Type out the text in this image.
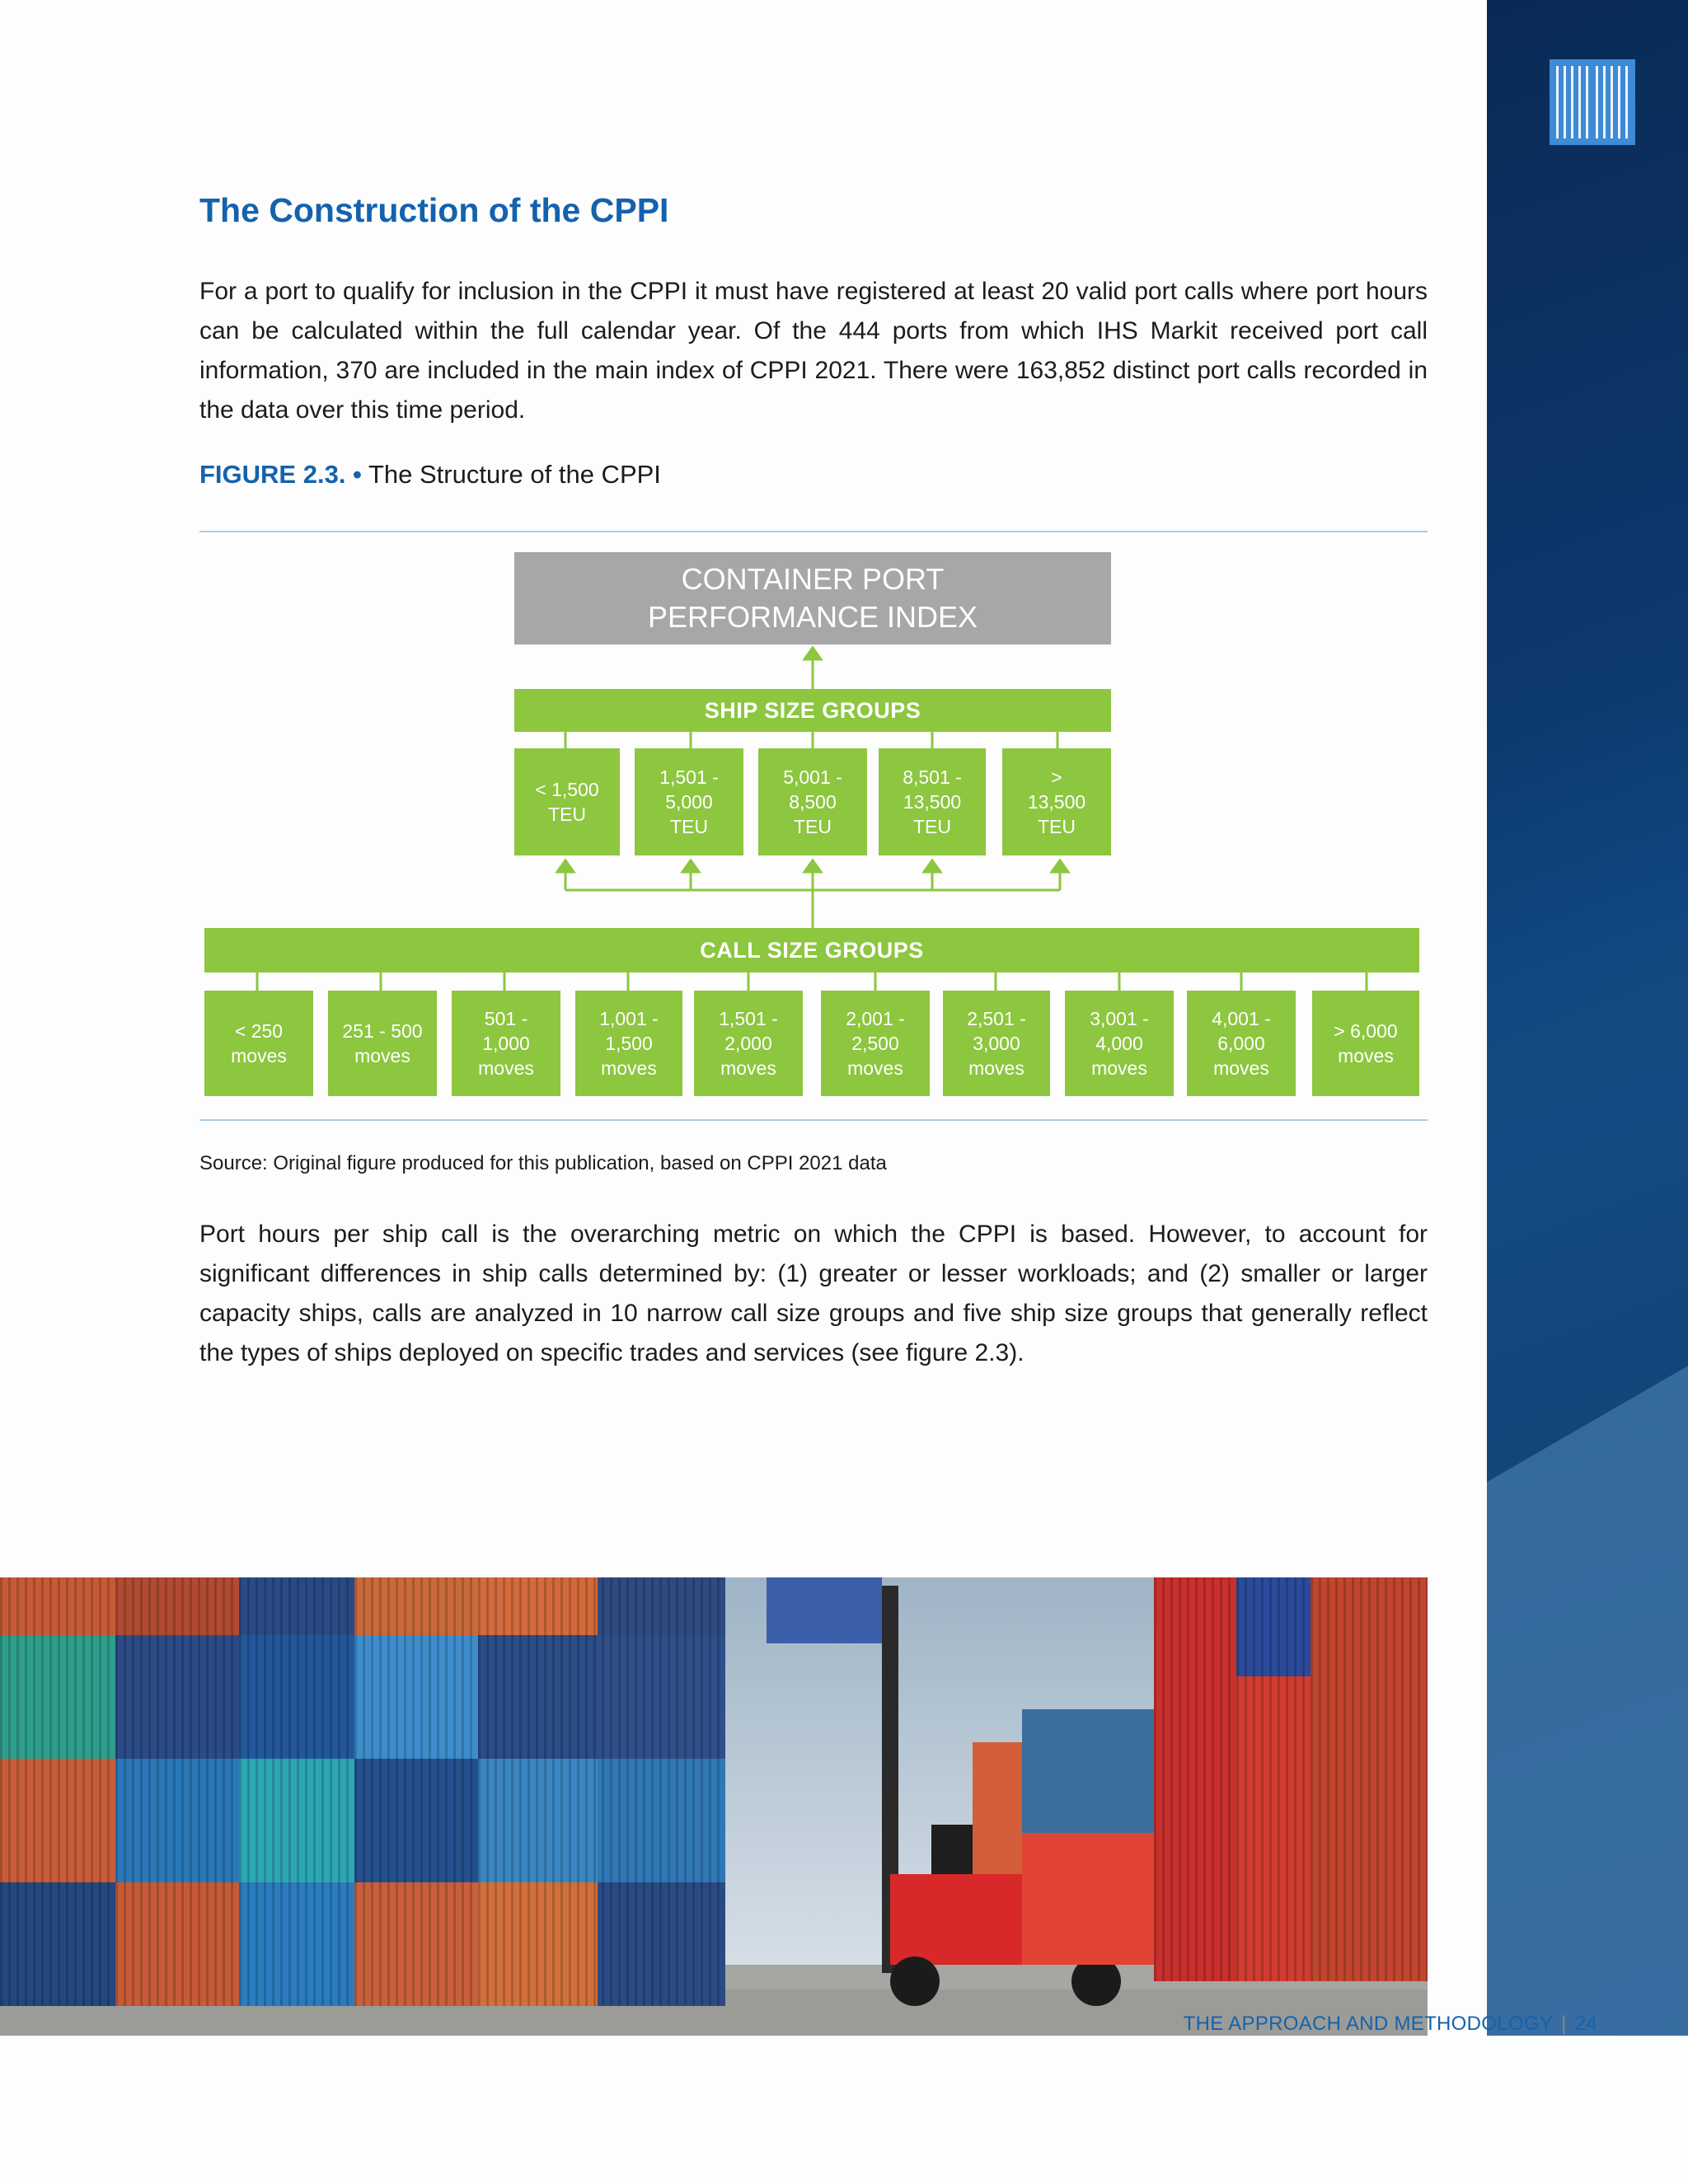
The Construction of the CPPI

For a port to qualify for inclusion in the CPPI it must have registered at least 20 valid port calls where port hours can be calculated within the full calendar year. Of the 444 ports from which IHS Markit received port call information, 370 are included in the main index of CPPI 2021. There were 163,852 distinct port calls recorded in the data over this time period.

FIGURE 2.3. • The Structure of the CPPI
CONTAINER PORT
PERFORMANCE INDEX
SHIP SIZE GROUPS
< 1,500
TEU
1,501 -
5,000
TEU
5,001 -
8,500
TEU
8,501 -
13,500
TEU
>
13,500
TEU
CALL SIZE GROUPS
< 250
moves
251 - 500
moves
501 -
1,000
moves
1,001 -
1,500
moves
1,501 -
2,000
moves
2,001 -
2,500
moves
2,501 -
3,000
moves
3,001 -
4,000
moves
4,001 -
6,000
moves
> 6,000
moves
Source: Original figure produced for this publication, based on CPPI 2021 data

Port hours per ship call is the overarching metric on which the CPPI is based. However, to account for significant differences in ship calls determined by: (1) greater or lesser workloads; and (2) smaller or larger capacity ships, calls are analyzed in 10 narrow call size groups and five ship size groups that generally reflect the types of ships deployed on specific trades and services (see figure 2.3).

THE APPROACH AND METHODOLOGY | 24
